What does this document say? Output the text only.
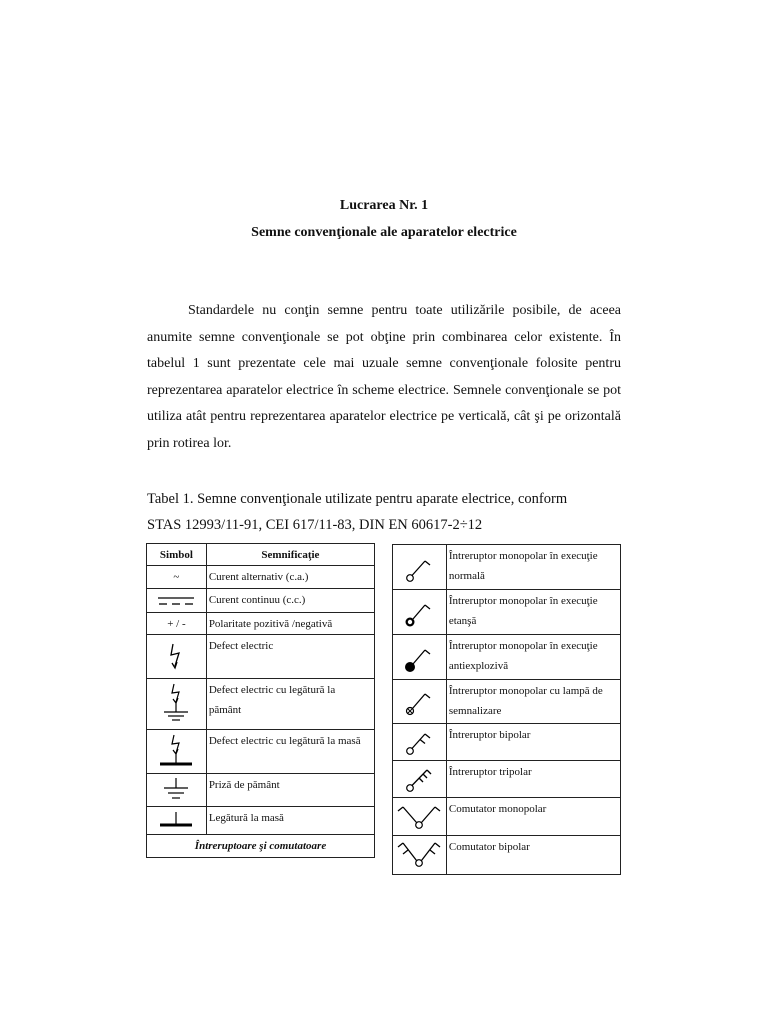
Lucrarea Nr. 1
Semne convenţionale ale aparatelor electrice
Standardele nu conţin semne pentru toate utilizările posibile, de aceea anumite semne convenţionale se pot obţine prin combinarea celor existente. În tabelul 1 sunt prezentate cele mai uzuale semne convenţionale folosite pentru reprezentarea aparatelor electrice în scheme electrice. Semnele convenţionale se pot utiliza atât pentru reprezentarea aparatelor electrice pe verticală, cât şi pe orizontală prin rotirea lor.
Tabel 1. Semne convenţionale utilizate pentru aparate electrice, conform
STAS 12993/11-91, CEI 617/11-83, DIN EN 60617-2÷12
Simbol	Semnificaţie
~	Curent alternativ (c.a.)

	Curent continuu (c.c.)
+ / -	Polaritate pozitivă /negativă

	Defect electric

	Defect electric cu legătură la pământ

	Defect electric cu legătură la masă

	Priză de pământ

	Legătură la masă
Întreruptoare şi comutatoare	
	Întreruptor monopolar în execuţie normală

	Întreruptor monopolar în execuţie etanşă

	Întreruptor monopolar în execuţie antiexplozivă

	Întreruptor monopolar cu lampă de semnalizare

	Întreruptor bipolar

	Întreruptor tripolar

	Comutator monopolar

	Comutator bipolar
